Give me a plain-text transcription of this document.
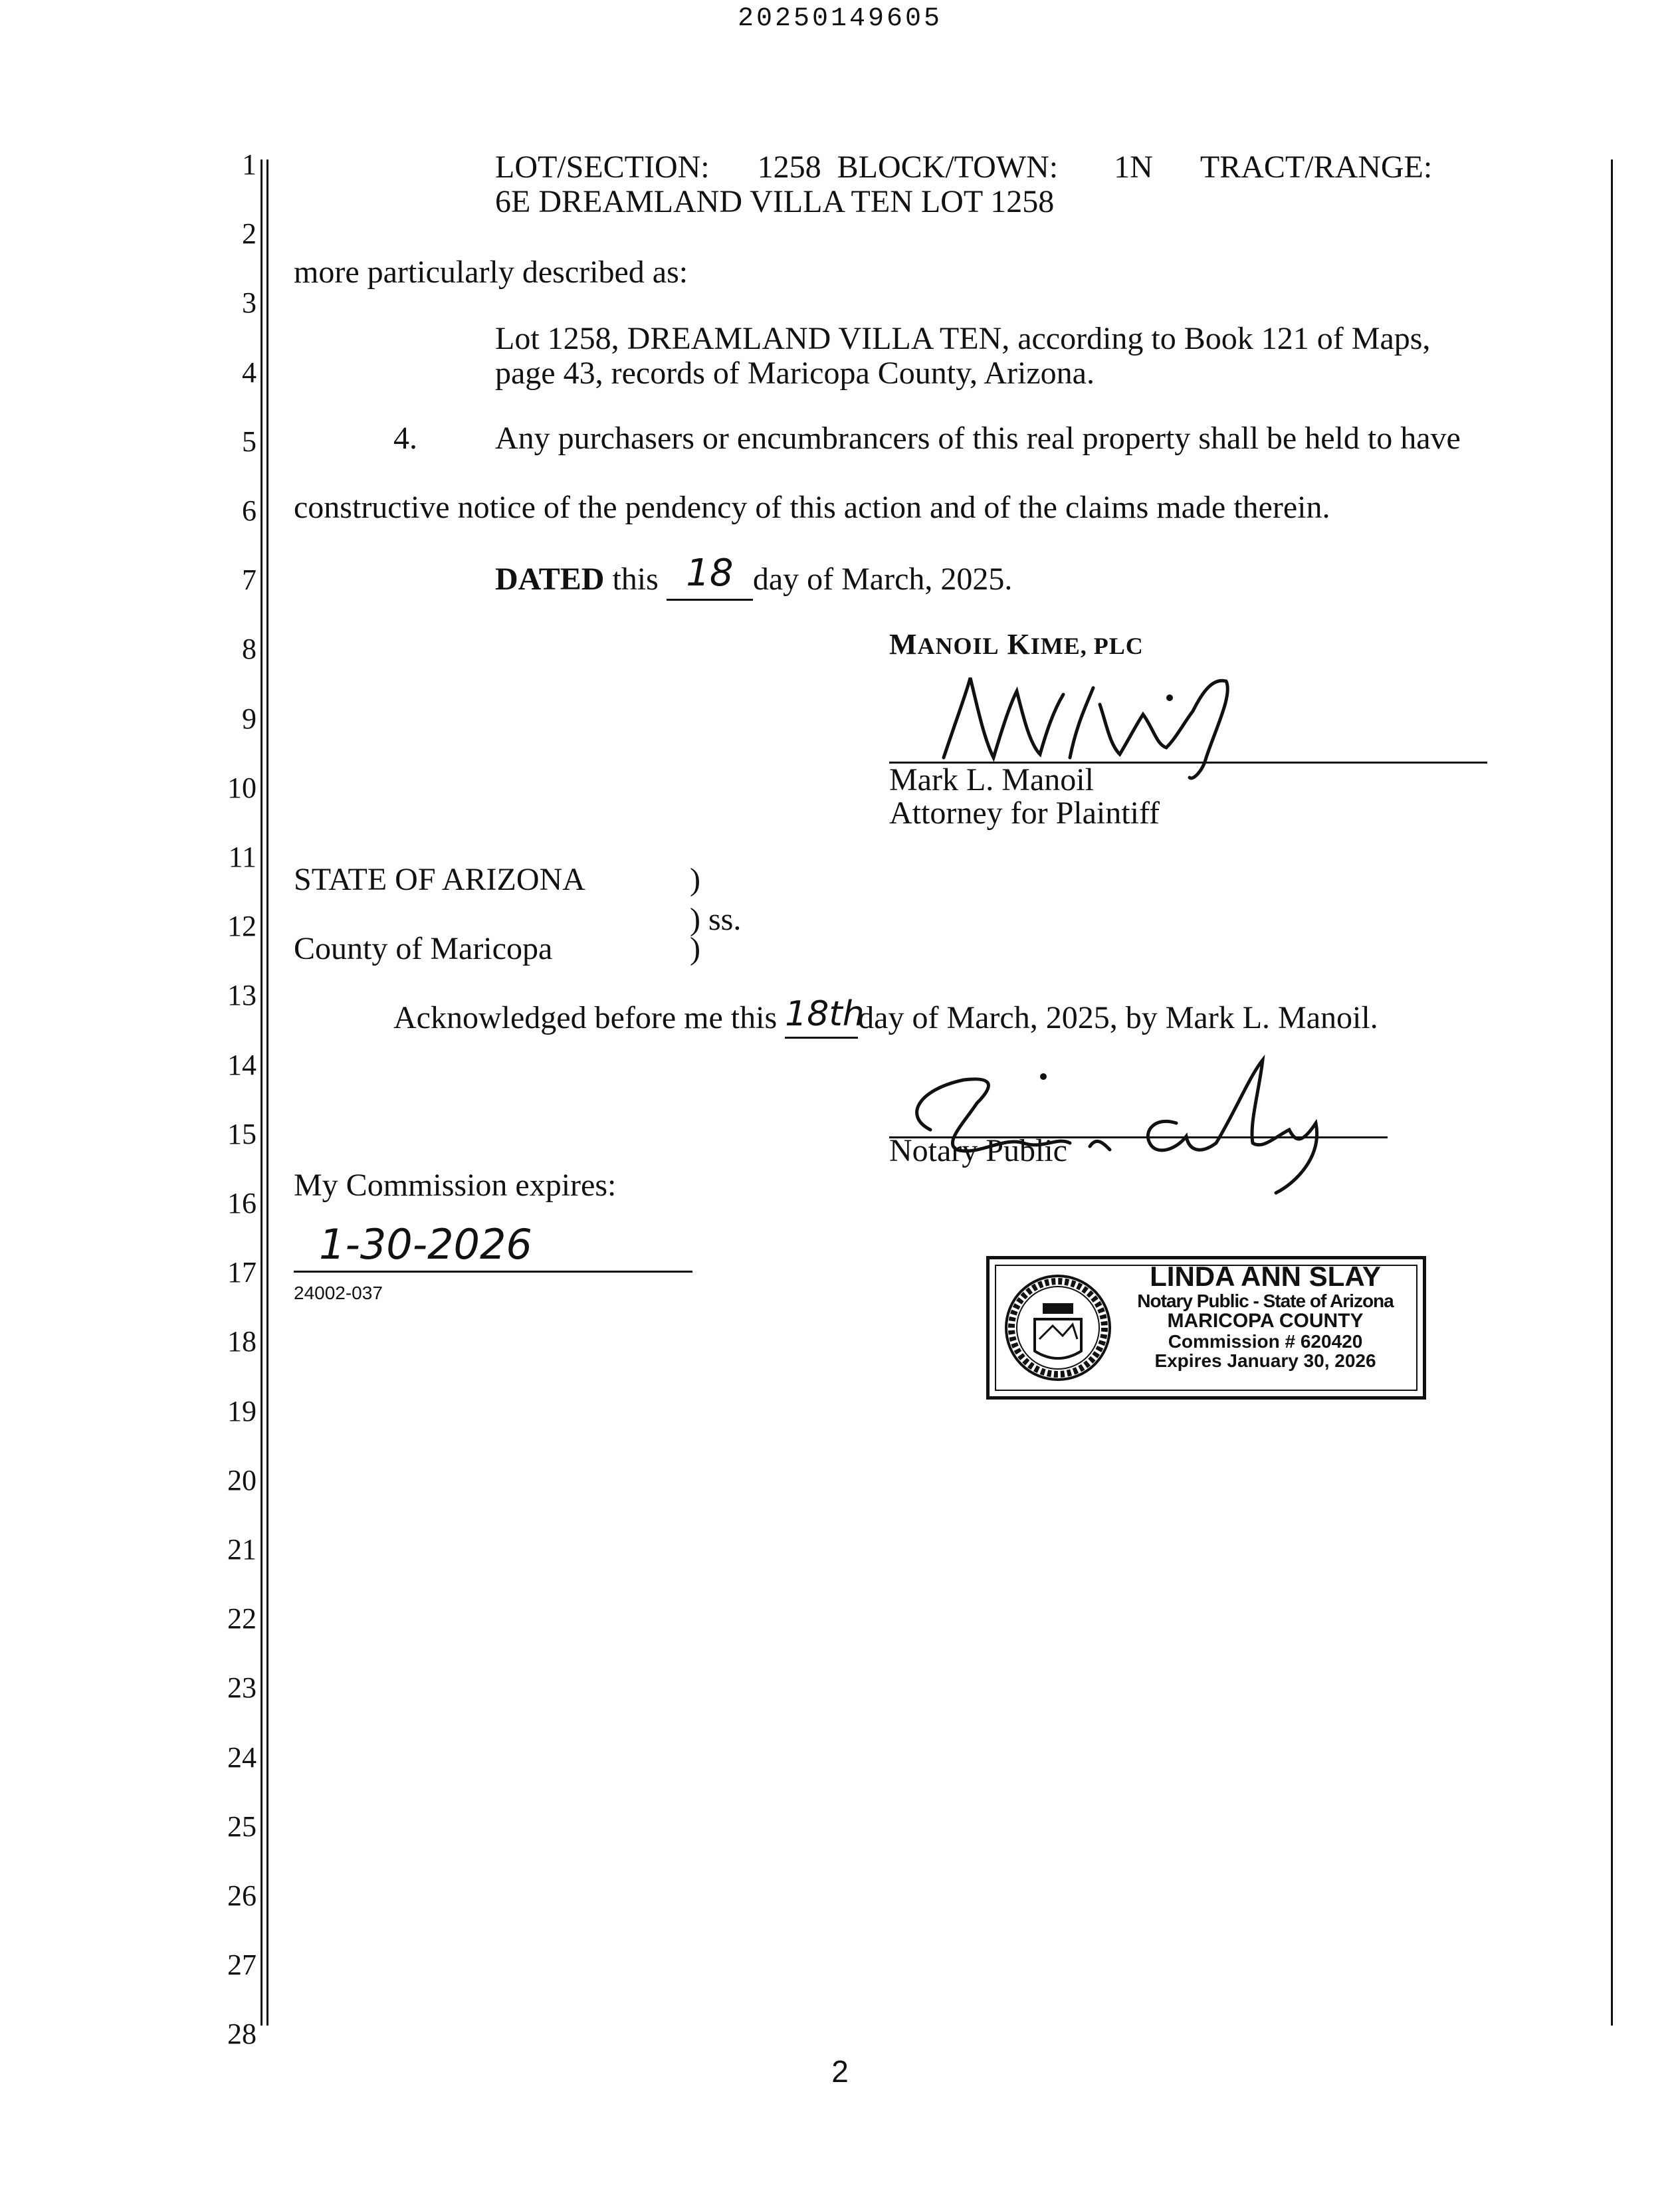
20250149605
1
2
3
4
5
6
7
8
9
10
11
12
13
14
15
16
17
18
19
20
21
22
23
24
25
26
27
28
LOT/SECTION:      1258  BLOCK/TOWN:       1N      TRACT/RANGE:
6E DREAMLAND VILLA TEN LOT 1258
more particularly described as:
Lot 1258, DREAMLAND VILLA TEN, according to Book 121 of Maps,
page 43, records of Maricopa County, Arizona.
4. Any purchasers or encumbrancers of this real property shall be held to have
constructive notice of the pendency of this action and of the claims made therein.
DATED this 18 day of March, 2025.
MANOIL KIME, PLC
Mark L. Manoil
Attorney for Plaintiff
STATE OF ARIZONA	)
) ss.
County of Maricopa	)
Acknowledged before me this 18thday of March, 2025, by Mark L. Manoil.
Notary Public
My Commission expires:
1-30-2026
24002-037
LINDA ANN SLAY
Notary Public - State of Arizona
MARICOPA COUNTY
Commission # 620420
Expires January 30, 2026
2
